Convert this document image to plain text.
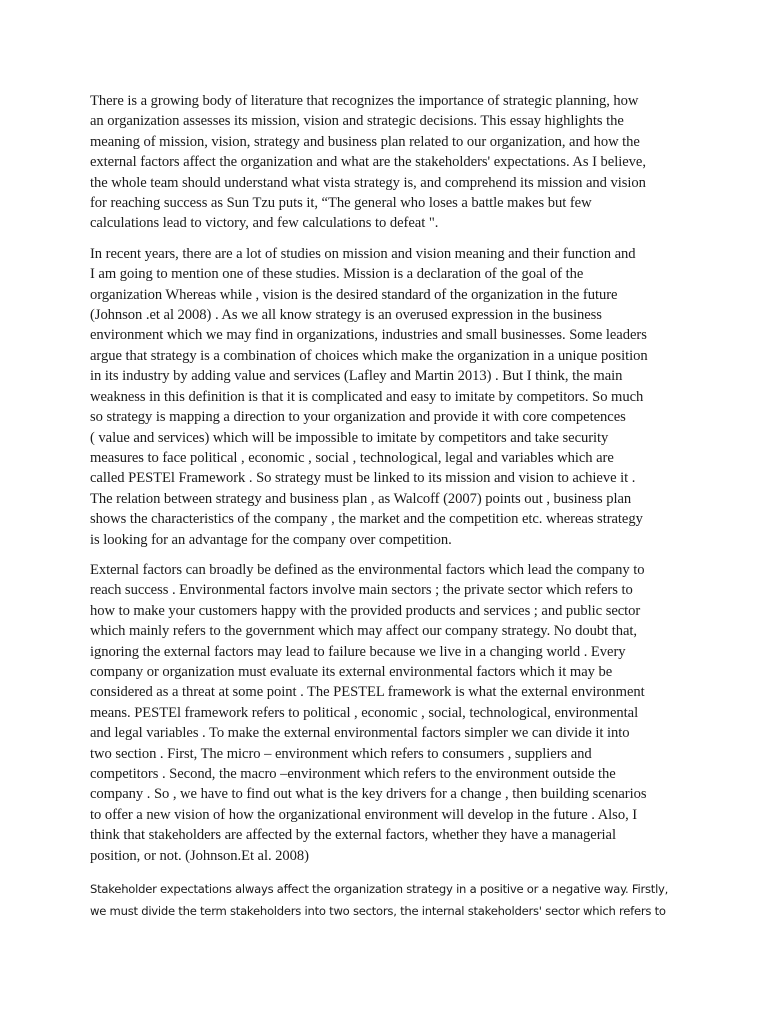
There is a growing body of literature that recognizes the importance of strategic planning, how
an organization assesses its mission, vision and strategic decisions. This essay highlights the
meaning of mission, vision, strategy and business plan related to our organization, and how the
external factors affect the organization and what are the stakeholders' expectations. As I believe,
the whole team should understand what vista strategy is, and comprehend its mission and vision
for reaching success as Sun Tzu puts it, “The general who loses a battle makes but few
calculations lead to victory, and few calculations to defeat ".

In recent years, there are a lot of studies on mission and vision meaning and their function and
I am going to mention one of these studies. Mission is a declaration of the goal of the
organization Whereas while , vision is the desired standard of the organization in the future
(Johnson .et al 2008) . As we all know strategy is an overused expression in the business
environment which we may find in organizations, industries and small businesses. Some leaders
argue that strategy is a combination of choices which make the organization in a unique position
in its industry by adding value and services (Lafley and Martin 2013) . But I think, the main
weakness in this definition is that it is complicated and easy to imitate by competitors. So much
so strategy is mapping a direction to your organization and provide it with core competences
( value and services) which will be impossible to imitate by competitors and take security
measures to face political , economic , social , technological, legal and variables which are
called PESTEl Framework . So strategy must be linked to its mission and vision to achieve it .
The relation between strategy and business plan , as Walcoff (2007) points out , business plan
shows the characteristics of the company , the market and the competition etc. whereas strategy
is looking for an advantage for the company over competition.

External factors can broadly be defined as the environmental factors which lead the company to
reach success . Environmental factors involve main sectors ; the private sector which refers to
how to make your customers happy with the provided products and services ; and public sector
which mainly refers to the government which may affect our company strategy. No doubt that,
ignoring the external factors may lead to failure because we live in a changing world . Every
company or organization must evaluate its external environmental factors which it may be
considered as a threat at some point . The PESTEL framework is what the external environment
means. PESTEl framework refers to political , economic , social, technological, environmental
and legal variables . To make the external environmental factors simpler we can divide it into
two section . First, The micro – environment which refers to consumers , suppliers and
competitors . Second, the macro –environment which refers to the environment outside the
company . So , we have to find out what is the key drivers for a change , then building scenarios
to offer a new vision of how the organizational environment will develop in the future . Also, I
think that stakeholders are affected by the external factors, whether they have a managerial
position, or not. (Johnson.Et al. 2008)

Stakeholder expectations always affect the organization strategy in a positive or a negative way. Firstly,
we must divide the term stakeholders into two sectors, the internal stakeholders' sector which refers to
